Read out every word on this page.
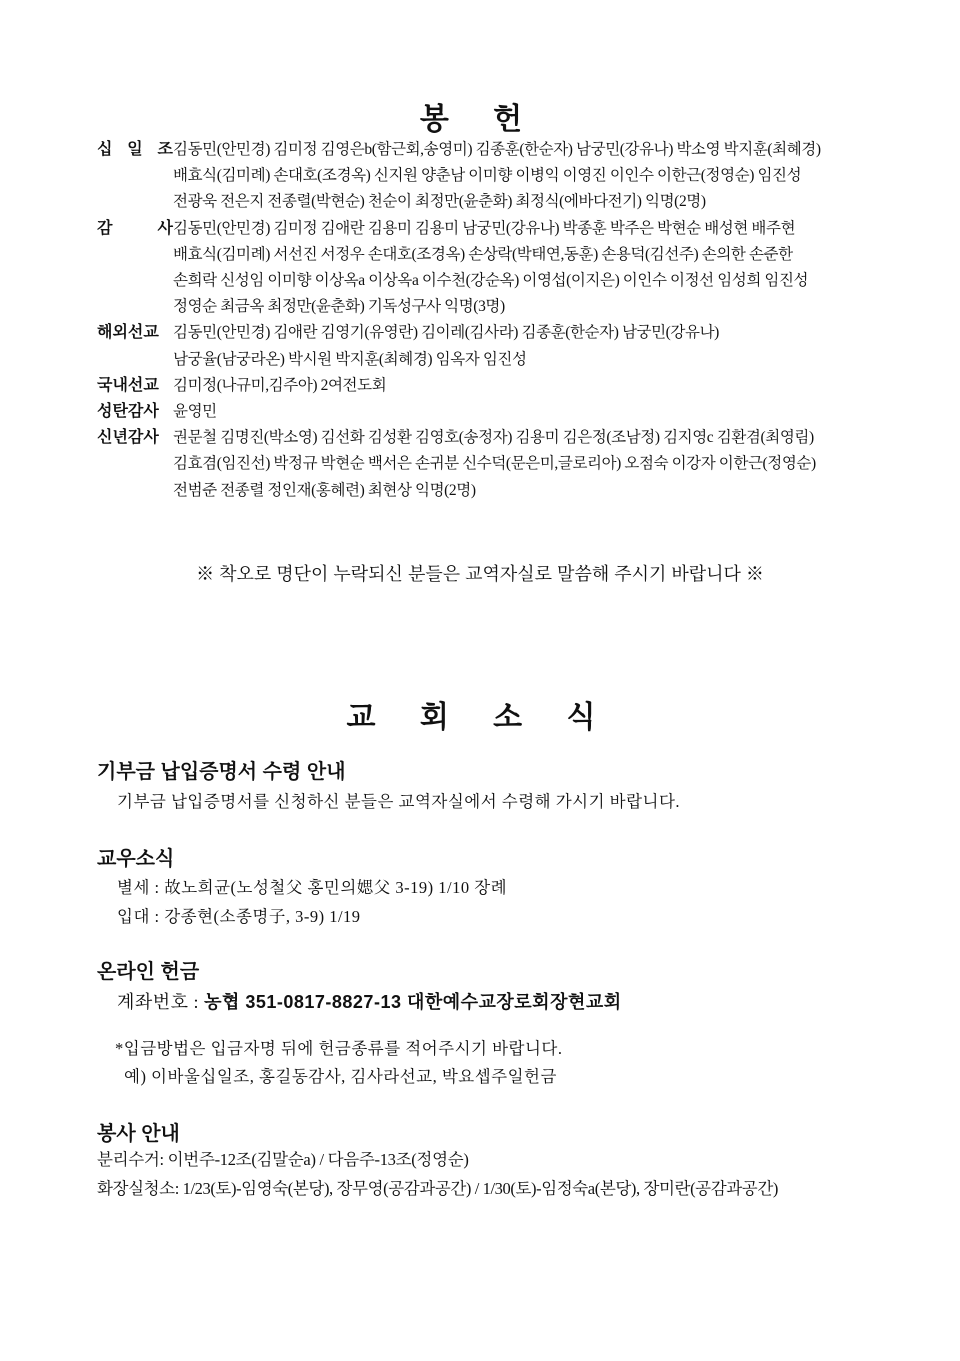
봉 헌
십 일 조 김동민(안민경) 김미정 김영은b(함근회,송영미) 김종훈(한순자) 남궁민(강유나) 박소영 박지훈(최혜경)
배효식(김미례) 손대호(조경옥) 신지원 양춘남 이미향 이병익 이영진 이인수 이한근(정영순) 임진성
전광욱 전은지 전종렬(박현순) 천순이 최정만(윤춘화) 최정식(에바다전기) 익명(2명)
감 사 김동민(안민경) 김미정 김애란 김용미 김용미 남궁민(강유나) 박종훈 박주은 박현순 배성현 배주현
배효식(김미례) 서선진 서정우 손대호(조경옥) 손상락(박태연,동훈) 손용덕(김선주) 손의한 손준한
손희락 신성임 이미향 이상옥a 이상옥a 이수천(강순옥) 이영섭(이지은) 이인수 이정선 임성희 임진성
정영순 최금옥 최정만(윤춘화) 기독성구사 익명(3명)
해외선교 김동민(안민경) 김애란 김영기(유영란) 김이레(김사라) 김종훈(한순자) 남궁민(강유나)
남궁율(남궁라온) 박시원 박지훈(최혜경) 임옥자 임진성
국내선교 김미정(나규미,김주아) 2여전도회
성탄감사 윤영민
신년감사 권문철 김명진(박소영) 김선화 김성환 김영호(송정자) 김용미 김은정(조남정) 김지영c 김환겸(최영림)
김효겸(임진선) 박정규 박현순 백서은 손귀분 신수덕(문은미,글로리아) 오점숙 이강자 이한근(정영순)
전범준 전종렬 정인재(홍혜련) 최현상 익명(2명)
※ 착오로 명단이 누락되신 분들은 교역자실로 말씀해 주시기 바랍니다 ※
교 회 소 식
기부금 납입증명서 수령 안내
기부금 납입증명서를 신청하신 분들은 교역자실에서 수령해 가시기 바랍니다.
교우소식
별세 : 故노희균(노성철父 홍민의媤父 3-19) 1/10 장례
입대 : 강종현(소종명子, 3-9) 1/19
온라인 헌금
계좌번호 : 농협 351-0817-8827-13 대한예수교장로회장현교회
*입금방법은 입금자명 뒤에 헌금종류를 적어주시기 바랍니다.
예) 이바울십일조, 홍길동감사, 김사라선교, 박요셉주일헌금
봉사 안내
분리수거: 이번주-12조(김말순a) / 다음주-13조(정영순)
화장실청소: 1/23(토)-임영숙(본당), 장무영(공감과공간) / 1/30(토)-임정숙a(본당), 장미란(공감과공간)
